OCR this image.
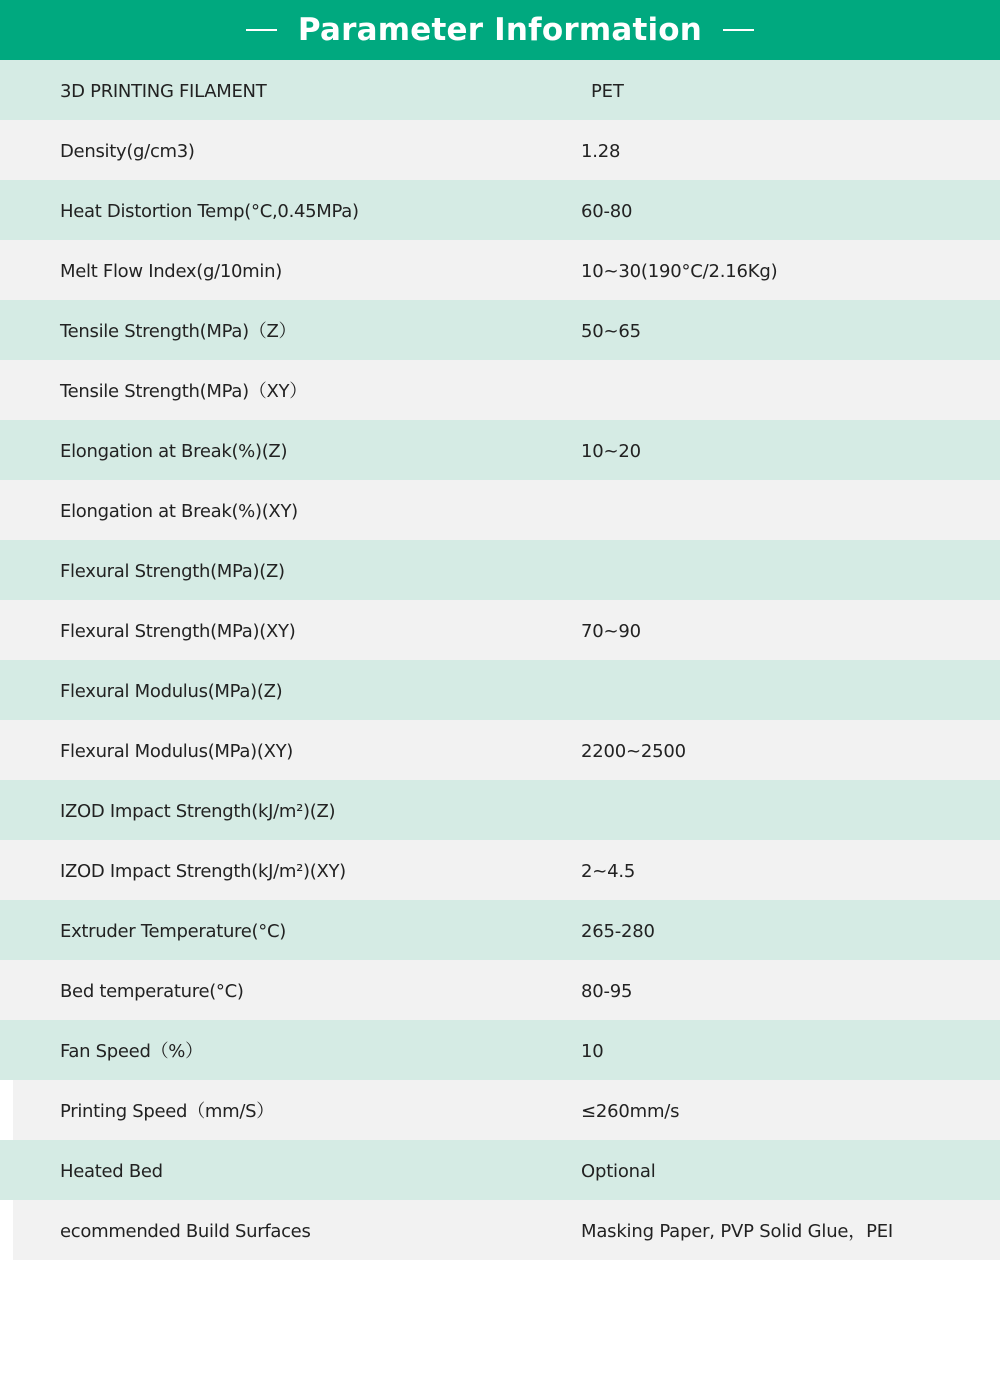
Parameter Information
3D PRINTING FILAMENT	PET
Density(g/cm3)	1.28
Heat Distortion Temp(°C,0.45MPa)	60-80
Melt Flow Index(g/10min)	10~30(190°C/2.16Kg)
Tensile Strength(MPa)（Z）	50~65
Tensile Strength(MPa)（XY）
Elongation at Break(%)(Z)	10~20
Elongation at Break(%)(XY)
Flexural Strength(MPa)(Z)
Flexural Strength(MPa)(XY)	70~90
Flexural Modulus(MPa)(Z)
Flexural Modulus(MPa)(XY)	2200~2500
IZOD Impact Strength(kJ/m²)(Z)
IZOD Impact Strength(kJ/m²)(XY)	2~4.5
Extruder Temperature(°C)	265-280
Bed temperature(°C)	80-95
Fan Speed（%）	10
Printing Speed（mm/S）	≤260mm/s
Heated Bed	Optional
ecommended Build Surfaces	Masking Paper, PVP Solid Glue，PEI
